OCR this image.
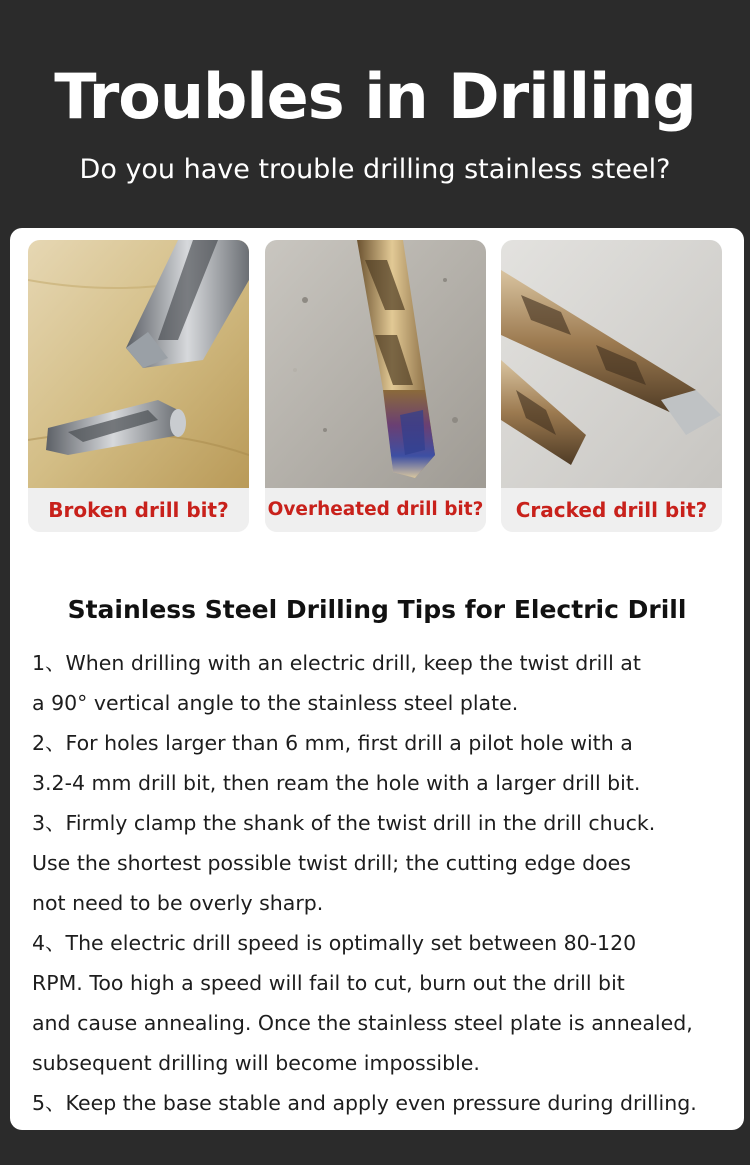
Troubles in Drilling
Do you have trouble drilling stainless steel?
Broken drill bit?	Overheated drill bit?	Cracked drill bit?
Stainless Steel Drilling Tips for Electric Drill
1、When drilling with an electric drill, keep the twist drill at
a 90° vertical angle to the stainless steel plate.
2、For holes larger than 6 mm, first drill a pilot hole with a
3.2-4 mm drill bit, then ream the hole with a larger drill bit.
3、Firmly clamp the shank of the twist drill in the drill chuck.
Use the shortest possible twist drill; the cutting edge does
not need to be overly sharp.
4、The electric drill speed is optimally set between 80-120
RPM. Too high a speed will fail to cut, burn out the drill bit
and cause annealing. Once the stainless steel plate is annealed,
subsequent drilling will become impossible.
5、Keep the base stable and apply even pressure during drilling.
